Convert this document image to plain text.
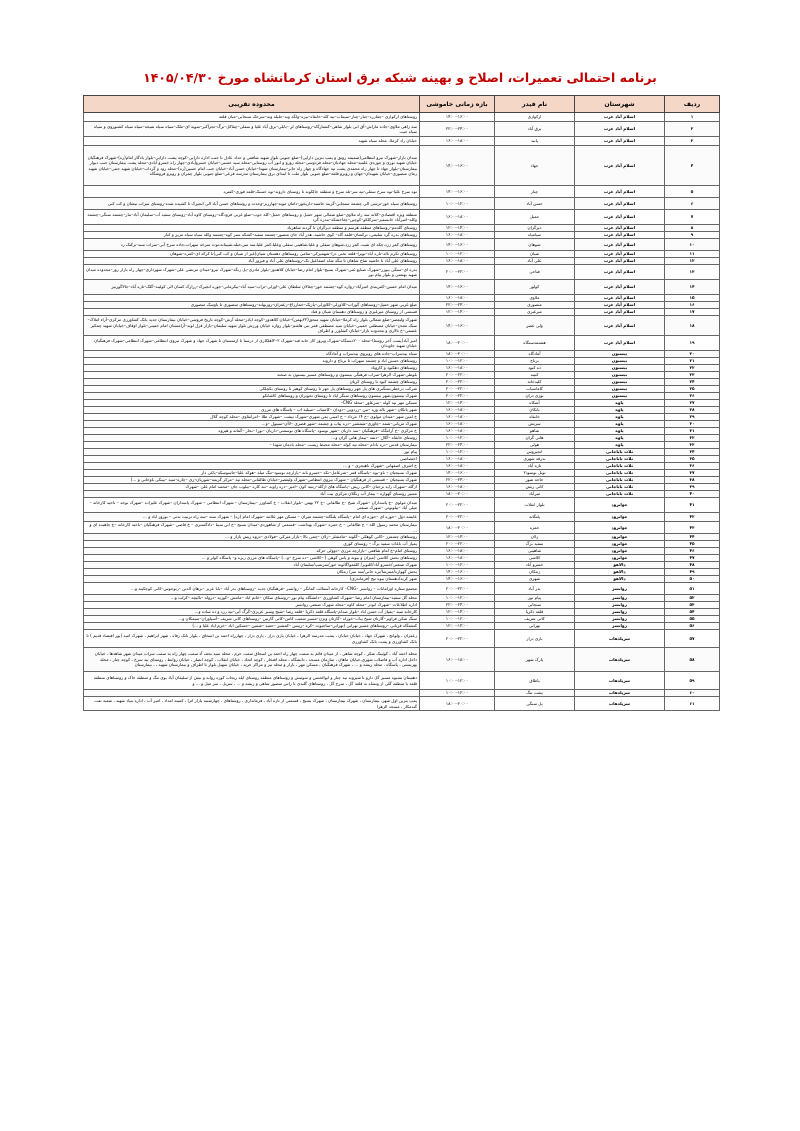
برنامه احتمالی تعمیرات، اصلاح و بهینه شبکه برق استان کرمانشاه مورخ ۱۴۰۵/۰۴/۳۰
ردیف	شهرستان	نام فیدر	بازه زمانی خاموشی	محدوده تقریبی
۱	اسلام آباد غرب	ارکوازی	۱۴:۰۰-۱۶:۰۰	روستاهای ارکوازی –چقازرد–جبار–چنار–سیماب–تپه کله–خانقاه–نیزه–ولگه ونه–جلبله ونه–سرخک سنجابی–میان قلعه
۲	اسلام آباد غرب	برق آباد	۲۲:۰۰-۲۴:۰۰	سه راهی ملاوی–جاده ماراش–آق ابی بلوار شاهی–کشتارگاه–روستاهای لر –بابلی–برق آباد علیا و سفلی–چقاکل–برگ–تجرآکبر–سوبه ای–ملک–سیاه سیاه شیخه–سیاه سیاه کشتوروی و سیاه سیاه جیب
۳	اسلام آباد غرب	پانید	۱۶:۰۰-۱۸:۰۰	خیابان زاد کرملا، محله سیاه شهید
۴	اسلام آباد غرب	جهاد	۱۴:۰۰-۱۶:۰۰	میدان بازار–شهرک نیرو انتظامی(ضمیمه رونق و پمپ بنزین دارایی)–ضلع جنوبی بلوار شهید شافعی و حداد عادل تا جنب اداره دارایی–کوچه پشت دارایی–بلوار یادگار امام(ره)–شهرک فرهنگیان خیابان شهید نوری و حوزه‌ی علمیه–محله جهادیان–محله فردوسی–محله زورو و انور آب روستایی–محله سید حسنی–خیابان خسروآبادی–چهار راه خسرو آبادی–محله پشت بیمارستان جنب دیوار بیمارستان–بلوار جهاد تا چهار راه محمدی پشت تپه جهادگاه و چهار راه جابر–بیمارستان شهدا–خیابان حسن آباد–خیابان جنب امام حسین(ره)–محله رود و گرداب–خیابان شهید جنتی–خیابان شهید زمان منصوری–خیابان شهیدان–جهان و روبرو قلعه–ضلع جنوبی بلوار ملت تا ابتدای برق بیمارستان مدرسه فرعی–ضلع جنوبی بلوار چمران و روبرو فروشگاه
۵	اسلام آباد غرب	چنار	۱۴:۰۰-۱۶:۰۰	توه سرخ علیا-توه سرخ سفلی-تپه سر-تله سرخ و منطقه جالکوند تا روستای داروند-توه خسنک-قلعه قوزی–کفتره
۶	اسلام آباد غرب	حسن آباد	۱۰:۰۰-۱۲:۰۰	روستاهای سیاه خور-ترسی الی چشمه سنجابی-گزینه حاشیه-دازیخور-دامان موبه-چهارزبر-وحدت و روستاهای حسن آباد الی انجیرک تا کشیده شده-روستای سراب نیشان و کت کنی
۷	اسلام آباد غرب	حمیل	۱۶:۰۰-۱۸:۰۰	منطقه ویژه اقتصادی–کلانه سه راه ملاوی–ضلع شمالی شهر حمیل و روستاهای حمیل–کله جوب–ضلع غربی فرودگاه–روستای کاوه آباد–روستای سفید آب–سلیمان آباد–بنار–چشمه سنگی–چشمه وکله–امیرآباد خانسفیر–سرکلکو–کوچین–چغاخشکه–بندره گرد
۸	اسلام آباد غرب	دیزگران	۱۲:۰۰-۱۴:۰۰	روستای گلدمم–روستاهای منطقه هرسم و منطقه دیزگران تا گردنه شاهزیاد
۹	اسلام آباد غرب	سیامیاه	۱۶:۰۰-۱۸:۰۰	روستاهای بدره گرد سلیمی، ترکمنان–قلعه گاه– کوی حاشیه، هدر آباد خان منصور–چشمه سفید–کشکه سبز کوه–چشمه وکله سیاه سیاه مزیر و کنار
۱۰	اسلام آباد غرب	شوهان	۱۴:۰۰-۱۶:۰۰	روستاهای کمر زرد،چکه ای شیت کمر زرد،شوهان سفلی و علیا،شاهینی سفلی وعلیا،کمر علیا،سه سر،خیله،شبینانه،توت سرخه سهراب،جاده سرخ آبی–سراب سبد-برکتک رد
۱۱	اسلام آباد غرب	شیان	۱۰:۰۰-۱۲:۰۰	روستاهای تکرم ناله–تازه آباد–نوبرا–قلعه تختی درا–شهمیرکی–تمامی روستاهای دهستان شیان(غیر از شیان و کت کنی)تا کرکه ای–کمره–شوهان
۱۲	اسلام آباد غرب	علی آباد	۱۶:۰۰-۱۸:۰۰	روستاهای علی آباد تا حاشیه شاخ شاهان تا تنگه شاه اسماعیل تک–روستاهای علی آباد و فیروز آباد
۱۳	اسلام آباد غرب	فتاحی	۲۰:۰۰-۲۲:۰۰	بدره ای–سنگی بیوزر–شهرک صنایع غنی–شهرک بسیج–بلوار امام رضا–خیابان کلاهدوز–بلوار مادری–پل زنگه–شهرک نیرو–میدان مرتضی علی–شهرک شهرداری–چهار راه بازار روز–محدوده میدان شهید بهشتی و بلوار پیام نور
۱۴	اسلام آباد غرب	کولوز	۱۴:۰۰-۱۶:۰۰	میدان امام حسین–کمربندی امیرآباد–زواره کوه–چشمه خور–چغالان سلطان علی–اوزلی–تراب–سید آباد–بیکرمانی–جوزه انجیرک–زرارک کسان الی کولیند–گلک–تازه آباد–جالاگوربیر
۱۵	اسلام آباد غرب	ملاوی	۱۶:۰۰-۱۸:۰۰	
۱۶	اسلام آباد غرب	منصوری	۲۲:۰۰-۲۴:۰۰	ضلع غربی شهر حمیل–روستاهای گوراب–کلاوزلی–کلاوزلی–پاریک–خمارزاغ–زعفران–روزبهانه–روستاهای منصوری تا باوسک منصوری
۱۷	اسلام آباد غرب	میرغیری	۱۲:۰۰-۱۴:۰۰	قسمتی از روستای میرغیری و روستاهای دهستان شیان و قباد
۱۸	اسلام آباد غرب	ولی عصر	۱۴:۰۰-۱۶:۰۰	شهرک ولیعصر–ضلع شمالی بلوار راه کرملا–خیابان شهید متحق(۲۲بهمن)–خیابان کلاهدوز–کوچه اباذر–محله آرش–کوچه تاریخ فروشی–خیابان بیمارستان جدید بانک کشاورزی مرکزی–آراء املاک–سبک معدن–خیابان مصطفی خمینی–خیابان سید مصطفی قمر بنی هاشم–بلوار رواره خیابان ورزش بلوار شهید سلیمان–بازار قزل لوند–آرامستان امام خمینی–بلوار اوقاف–خیابان شهید چمکیر عصمی–خ تالاری و محدوده بازار–خیابان کشاورز و اطراف
۱۹	اسلام آباد غرب	هشتمدستگاه	۱۸:۰۰-۲۰:۰۰	امیر آباد(پست آخر روستا)–محله ۲۰۰دستگاه–شهرک ویروز کاز خانه قبد–شهرک ۲–۲اهلکاری از درستا تا ارمنستان تا شهرک جهاد و شهرک تیروی انتظامی–شهرک انتظامی–شهرک فرهنگیان خیابان شهید جاویدان
۲۰	بیستون	آمادگاه	۱۸:۰۰-۲۰:۰۰	سیاه بیدسراب–جاده های روبروی بیدسراب و آمادگاه
۲۱	بیستون	برناج	۱۰:۰۰-۱۲:۰۰	روستاهای حسین اباد و چشمه سهراب تا برناج و داروند
۲۲	بیستون	ده کبود	۱۶:۰۰-۱۸:۰۰	روستاهای دهکبود و کاروباد
۲۳	بیستون	کتیبه	۲۰:۰۰-۲۲:۰۰	بلوطی-شهرک الزهرا-سراب فرهنگی بیستون و روستاهای مسیر بیستون به صحنه
۲۴	بیستون	کلیدخانه	۲۰:۰۰-۲۲:۰۰	روستاهای چشمه کبود تا روستای کریان
۲۵	بیستون	کاماسیاب	۲۰:۰۰-۲۲:۰۰	شرکت درخطر،سنگبری های پل جهر روستاهای پل جهر تا روستای کوهیر تا روستای بکچلکی
۲۶	بیستون	نوژی دران	۲۰:۰۰-۲۲:۰۰	شهرک بیستون،شهر بیستون روستاهای سنگر اباد تا روستای نجوبران و روستاهای کاشانکو
۲۷	پاوه	آشکاه	۱۲:۰۰-۱۴:۰۰	مسکن مهر تپه کوله –سرعاور –محله CNG–
۲۸	پاوه	بانکان	۱۶:۰۰-۱۸:۰۰	شهر بانکان –شهر باله وره –نین –زردویی –دودان –کاسیاب –سیلبه اب – پاسگاه های مرزی
۲۹	پاوه	خانقاه	۱۶:۰۰-۱۸:۰۰	خ امین شهر –میدان مولوی –خ ۱۴ مرداد – خ امینی بمن شهری–شهرک تیشت –شهرک طلا –امرانقاوی –محله کوچه گلال
۳۰	پاوه	سرتش	۱۶:۰۰-۱۸:۰۰	شهرک مریانی–شمه –چاوری–شمشیر –دره پیاب و چشمه –شهر قصری –لاآن–سیتول –و...
۳۱	پاوه	شاهو	۱۶:۰۰-۱۸:۰۰	خ مرکزی –خ آرامگاه –فرهنگیان –سد داریان –شهر نوسود –پاسگاه های نوسشی–داریان –نورا –نجار –گمانه و هیروه
۳۲	پاوه	هانی گران	۱۰:۰۰-۱۲:۰۰	روستای خانقاه –گلال –دشه –بیماز هانی گران و...
۳۳	پاوه	هولی	۲۲:۰۰-۲۴:۰۰	بیمارستان قدس –دره بادام –محله تپه کوله –محله محیط زیست –محله یادمان شهدا –
۳۴	ثلاث باباجانی	انجیروس	۱۰:۰۰-۱۲:۰۰	پیام نور
۳۵	ثلاث باباجانی	بدرقه شهری	۱۶:۰۰-۱۸:۰۰	اختصاصی
۳۶	ثلاث باباجانی	تازه آباد	۱۶:۰۰-۱۸:۰۰	خ اشرف اصفهانی –شهرک ناهیجری – و ...
۳۷	ثلاث باباجانی	تونل نوسود۲	۱۴:۰۰-۱۶:۰۰	شهرک بسیجیان – ناو–بوه –پاسگاه قمر –شرعامل–نکه –خسرو بانه –بازارچه نوسود–تنگ میله –هوکه علیا–جاسوسکه–باغی دار
۳۸	ثلاث باباجانی	حاجه شور	۲۲:۰۰-۲۴:۰۰	شهرک بسیجیان – قسمتی از فرهنگیان – شهرک نیروی انتظامی–شهرک ولیعصر–خیابان طالقانی–محله تپه –مرکز گزیمه–شوریان–ری –چاره–سید –بپنکی باوخانی و ...)
۳۹	ثلاث باباجانی	کانی ریش	۱۶:۰۰-۱۸:۰۰	ازگله –شهرک زاید نرجبان –کانی ریش –پاسگاه های ازگله–زنتیه کون –امیر –دره زاویه –تنه کاره –بیلوب جان –محمد امام علی –شهرک
۴۰	ثلاث باباجانی	میرآباد	۱۸:۰۰-۲۰:۰۰	مسیر روستای گهواره – بیماز آب زنگلان مرکزی بیت آباد
۴۱	جوانرود	بلوار انقلاب	۲۰:۰۰-۲۲:۰۰	میدان مولوی –خ پاسداران –شهرک شیخ –خ طالقانی –خ ۲۲ بهمن –بلوار انقلاب – خ کشاورز –بیمارستان – شهرک انتظامی – شهرک پاسداران –شهرک علیزاده –شهرک نوجه – ناحیه کارخانه – میلی آباد –بیلوتوتی –شهرک صنعتی
۴۲	جوانرود	پلنگانه	۲۰:۰۰-۲۲:۰۰	عایشه دول –حوزه ای –حوزه ای امام –پاسگاه پلنگانه–چشمه میران – مسکن مهر علائیه –شهرک امام (ره) – شهرک سنه –سه راه تربیت بدنی – نوروز اباد و ...
۴۳	جوانرود	حمزه	۱۸:۰۰-۲۰:۰۰	بیمارستان محمد رسول الله – خ طالقانی – خ حمزه –شهرک بهداشت –قسمتی از شاهوردی–میدان بسیج –خ ابن سینا –دادگستری – خ قاضی –شهرک فرهنگیان –ناحیه کارخانه –خ چاهیده ای و ...
۴۴	جوانرود	زلان	۱۲:۰۰-۱۴:۰۰	روستاهای چشمرز –کانی کوهکی –گلونه –مامشلر –زلان –چمی بالا –بازار مبرکی –فولادی –دروه ریش بازار و ...
۴۵	جوانرود	سفید برگ	۲۰:۰۰-۲۲:۰۰	پمپاژ آب باغات سفید برگ – روستای کوری
۴۶	جوانرود	شاهینی	۱۶:۰۰-۱۸:۰۰	روستای امام–خ امام شافعی –بازارچه مرزی –دوولی حرکه
۴۷	جوانرود	کلاشی	۱۶:۰۰-۱۸:۰۰	روستاهای بخش کلاشی (میزان و بیونه و پاس کوهی ( –کلاشی –ده سرخ –و...) –پاسگاه های مرزی زیره و– پاسگاه کولر و ...
۴۸	دالاهو	خسرو آباد	۱۰:۰۰-۱۲:۰۰	شهرک صنعتی/خسرو آباد/کلنوبر/ کلقمو/گائونه خور/سرتمپ/سلیمان آباد
۴۹	دالاهو	زمکان	۱۴:۰۰-۱۶:۰۰	بخش گهواره/منترشا/بره خانی/سه سر/ زمکان
۵۰	دالاهو	شهری	۱۴:۰۰-۱۶:۰۰	شهر کرند/دهستان بیوه نیج (فرماندری)
۵۱	روانسر	بدر آباد	۲۰:۰۰-۲۲:۰۰	مجتمع ستاره اورامانات – روانسر –CNG– کارخانه آسفالت کمانگر – روانسر –فرهنگیان جدید –روستاهای بدر آباد –بابا عزیز –برهان الدین –زنوجوس–کانی کوچکینه و...
۵۲	روانسر	پیام نور	۱۰:۰۰-۱۲:۰۰	محله گل سفید–بیمارستان امام رضا –شهرک کشاورزی –دانشگاه پیام نور –روستای سکان –خانم اباد –مامش –کوزیه –دروله –بالیچه –کرلب و...
۵۳	روانسر	سنجابی	۲۲:۰۰-۲۴:۰۰	اداره اطلاعات –شهرک ابوذر –محله کاوه –محله شهرک صنعتی روانسر
۵۴	روانسر	قلعه ذکریا	۱۲:۰۰-۱۴:۰۰	کارخانه سید –پمپاژ آب حسن اباد –بلوار صدام–پاسگاه قلعه ذکریا –قلعه رضا –شیخ وسبز عزیزی–گرگ آبی–تپه زرد و ده ساده و...
۵۵	روانسر	کانی شریف	۱۰:۰۰-۱۲:۰۰	سنگ شکن قراویز–گارتان شیخ بیاب–خوزاه –گارتان ویژن–مسیر شعیب کامن–کانی گارتین –روستاهای کانی شریف –آسیاوران–سیمکان و...
۵۶	روانسر	نهرابی	۱۲:۰۰-۱۴:۰۰	کنشتگاه قربانی –روستاهای مسیر نهرابی (نهرابی–ساجیوت –کره –ریبس –کمشیر –حمید –شمین –حسکین اباد –خرم اباد علیا و ...)
۵۷	سرپلذهاب	بازی دراز	۲۰:۰۰-۲۲:۰۰	زعفران ، ولوانچ ، شهرک جهاد ، خیابان خیابان ، پشت مدرسه الزهرا ، خیابان بازی دراز ، بازی دراز ، چهارراه احمد بن اسحاق ، بلوار بانک رفاه ، شهر ابراهیم ، شهرک امید (پور اقتصاد قدیم ) تا بانک کشاورزی و پشت بانک کشاورزی
۵۸	سرپلذهاب	پارک شهر	۱۶:۰۰-۱۸:۰۰	محله احمد آباد ، کوئینک شکر ، کوچه شاهی ، از میدان قائم به سمت چهار راه احمد بن اسحاق سمت حرم ، محله سید نجف آذ سمت چهار راه به سمت سراب میدان شهر شاهدها ، خیابان داخل اداره آب و فاضلاب شهری،خیابان ماهان ، سازمان مسجد ، دانشگاه ، محله افتخار ، کوچه اتحاد ، خیابان انقلاب ، کوچه انصار ، خیابان روابط ، روستای بید سرخ ، کوچه چنار ، محله بهزیستی ، پاسگاه ، محله ریشه و ... ، شهرک فرهنگیان ، مسکن مهر ، بازار و محله تیز و مراکز خرید ، خیابان سهیل بلوار تا اطراف و بیمارستان شهید ، ، بیمارستان
۵۹	سرپلذهاب	پاطاق	۱۰:۰۰-۱۲:۰۰	دهستان بشیوه مسیر گل دارو تا شیروند تپه چنار و ابوالحسن و سوئیش و روستاهای منطقه روستای ایله ریجاب کوزه روانه و نیش از سلیمان آباد بوی تنگ و منطقه خاک و روستاهای منطقه قلعه یا منطقه گلی از ونشاه به قلعه گل ، سرخ گل ، روستاهای گلندی تا راس منصور شاهی و ریشه و ... ، سرپل ، سر میل و ... و
۶۰	سرپلذهاب	پشت تنگ	۱۰:۰۰-۱۲:۰۰	
۶۱	سرپلذهاب	پل سنگی	۱۸:۰۰-۲۰:۰۰	پمپ بنزین اول شهر، بیمارستان ، شهرک بیمارستان ، شهرک بسیج ، قسمتی از تازه آباد ، فرمانداری ، روستاهای ، چهارشنبه بازار اترا ، کمیته امداد ، امیر آب ، اداره بنیاد شهید ، شعبه نفت گندمکار ، مسجد الزهرا
